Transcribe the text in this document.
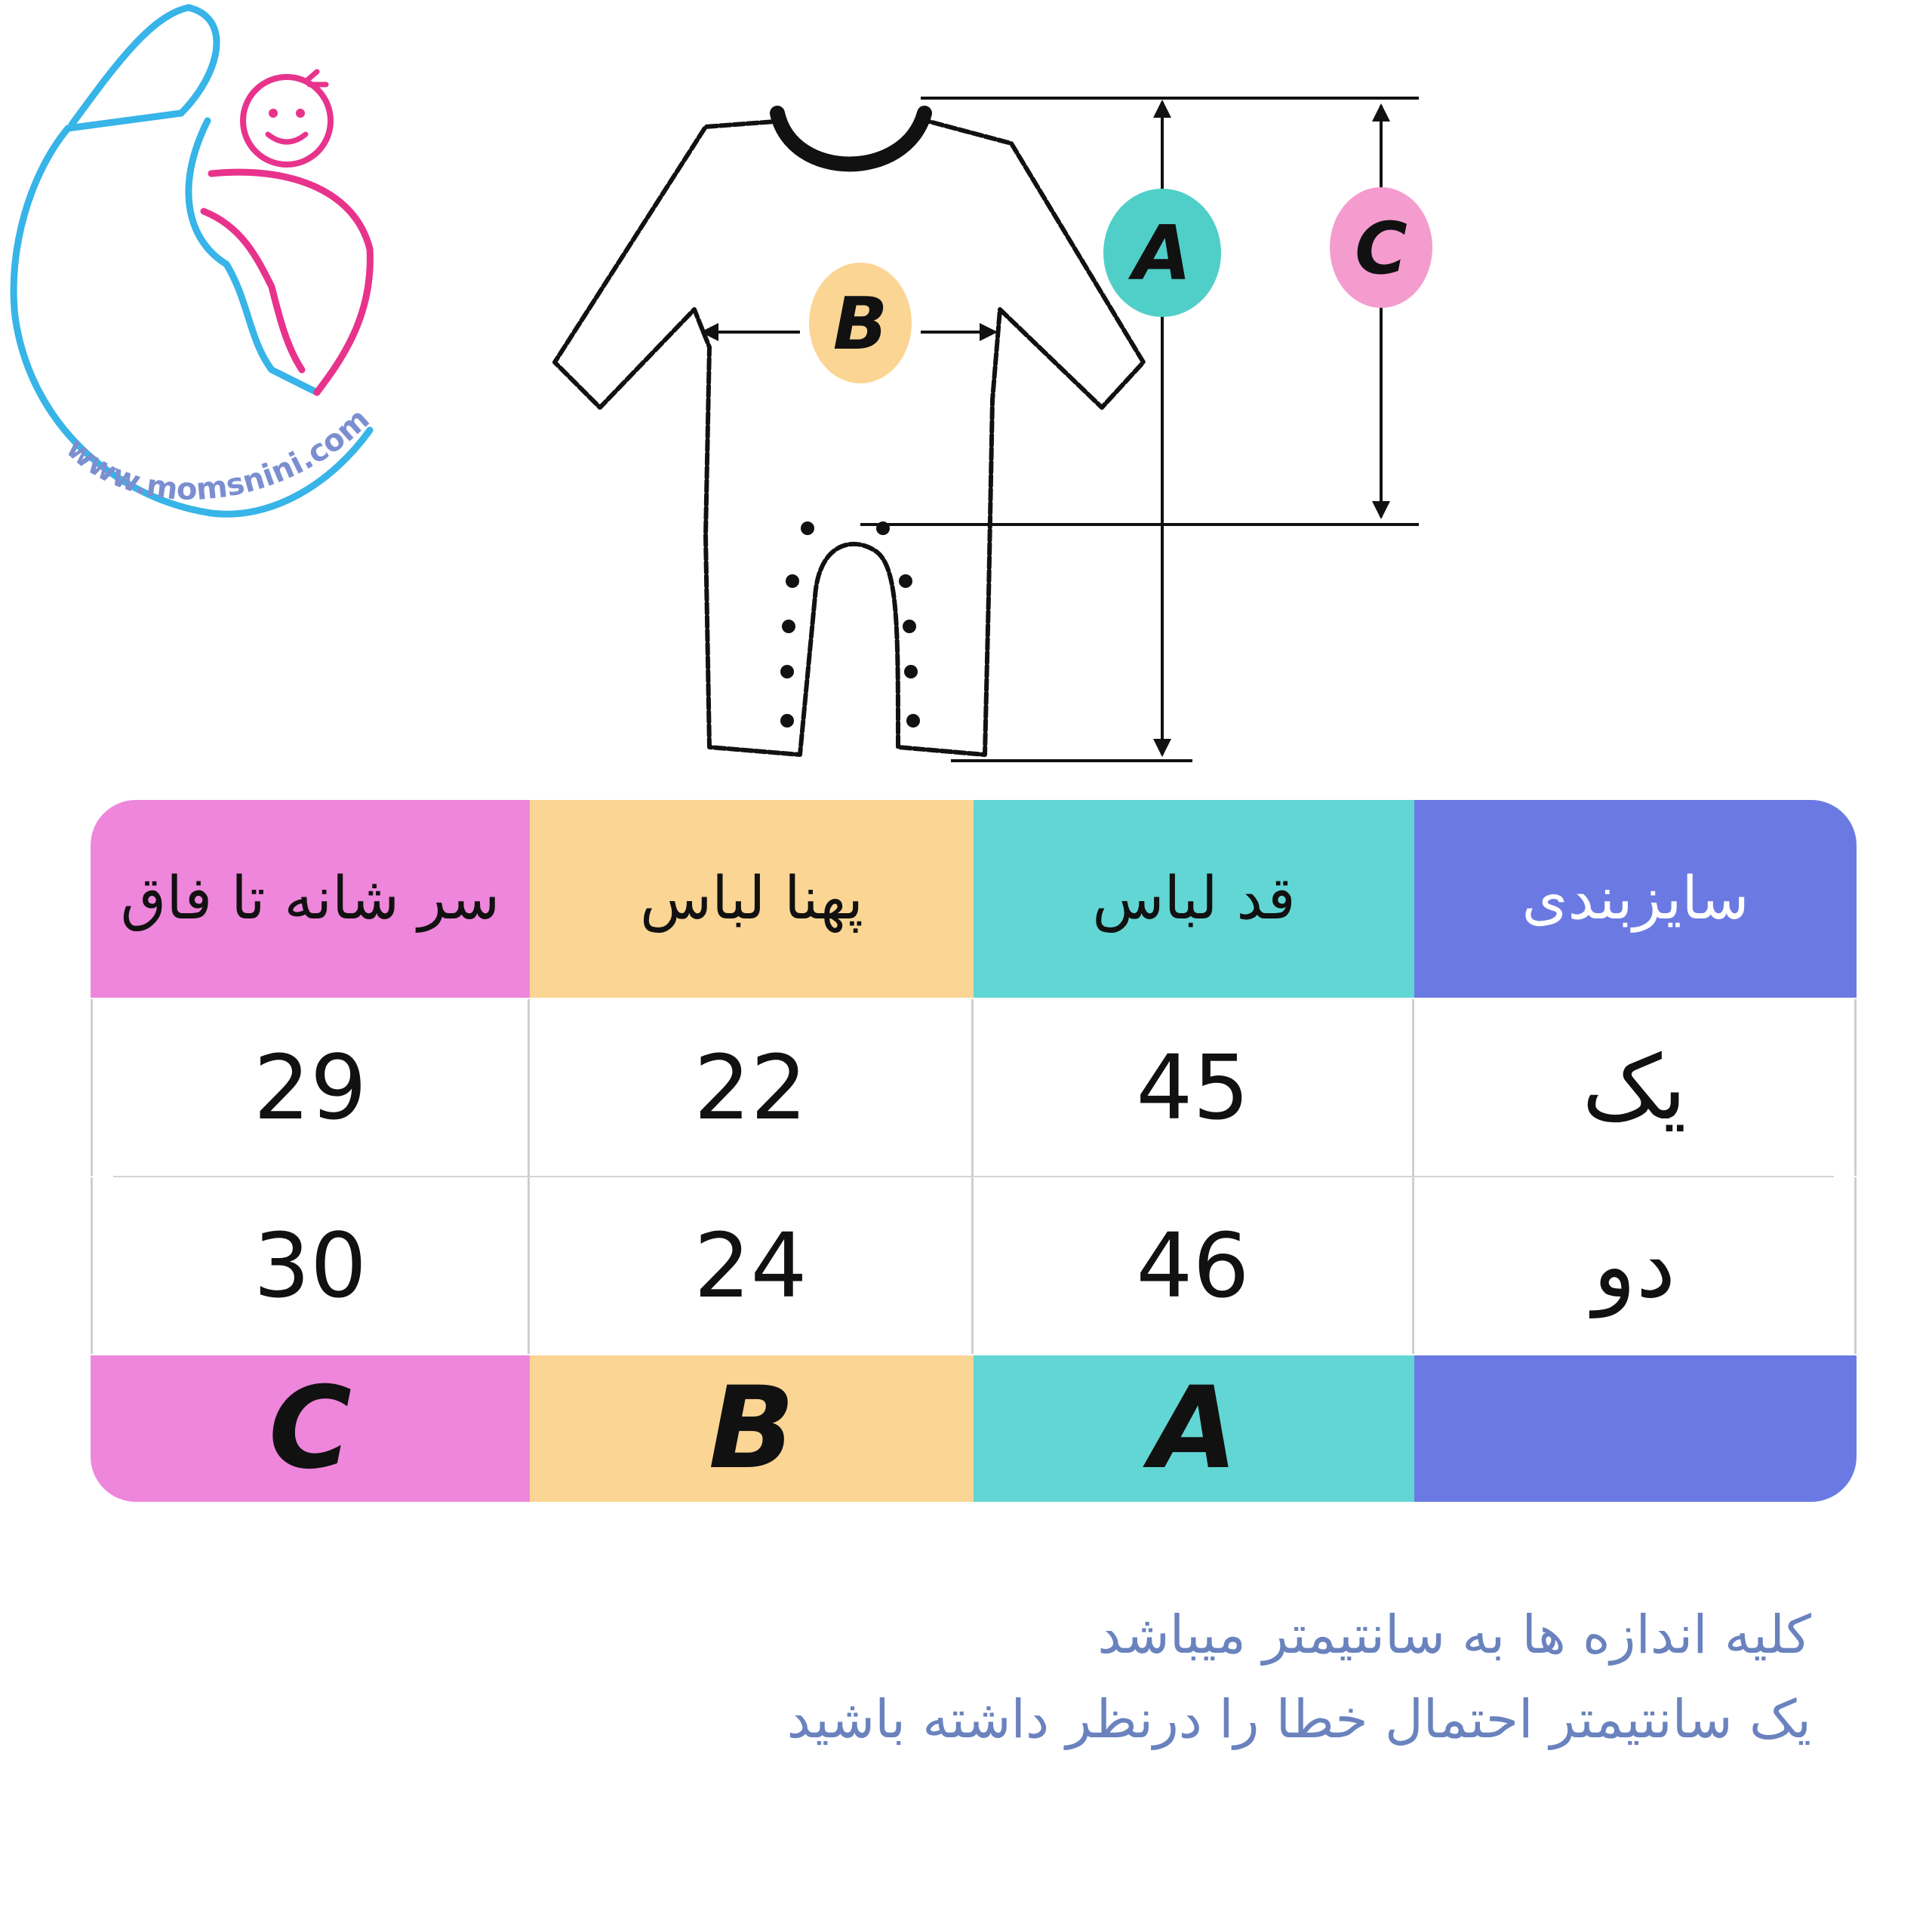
www.momsnini.com
A C
B
سر شانه تا فاق	پهنا لباس	قد لباس	سایزبندی
29	22	45	یک
30	24	46	دو
C	B	A
کلیه اندازه ها به سانتیمتر میباشد
یک سانتیمتر احتمال خطا را درنظر داشته باشید
